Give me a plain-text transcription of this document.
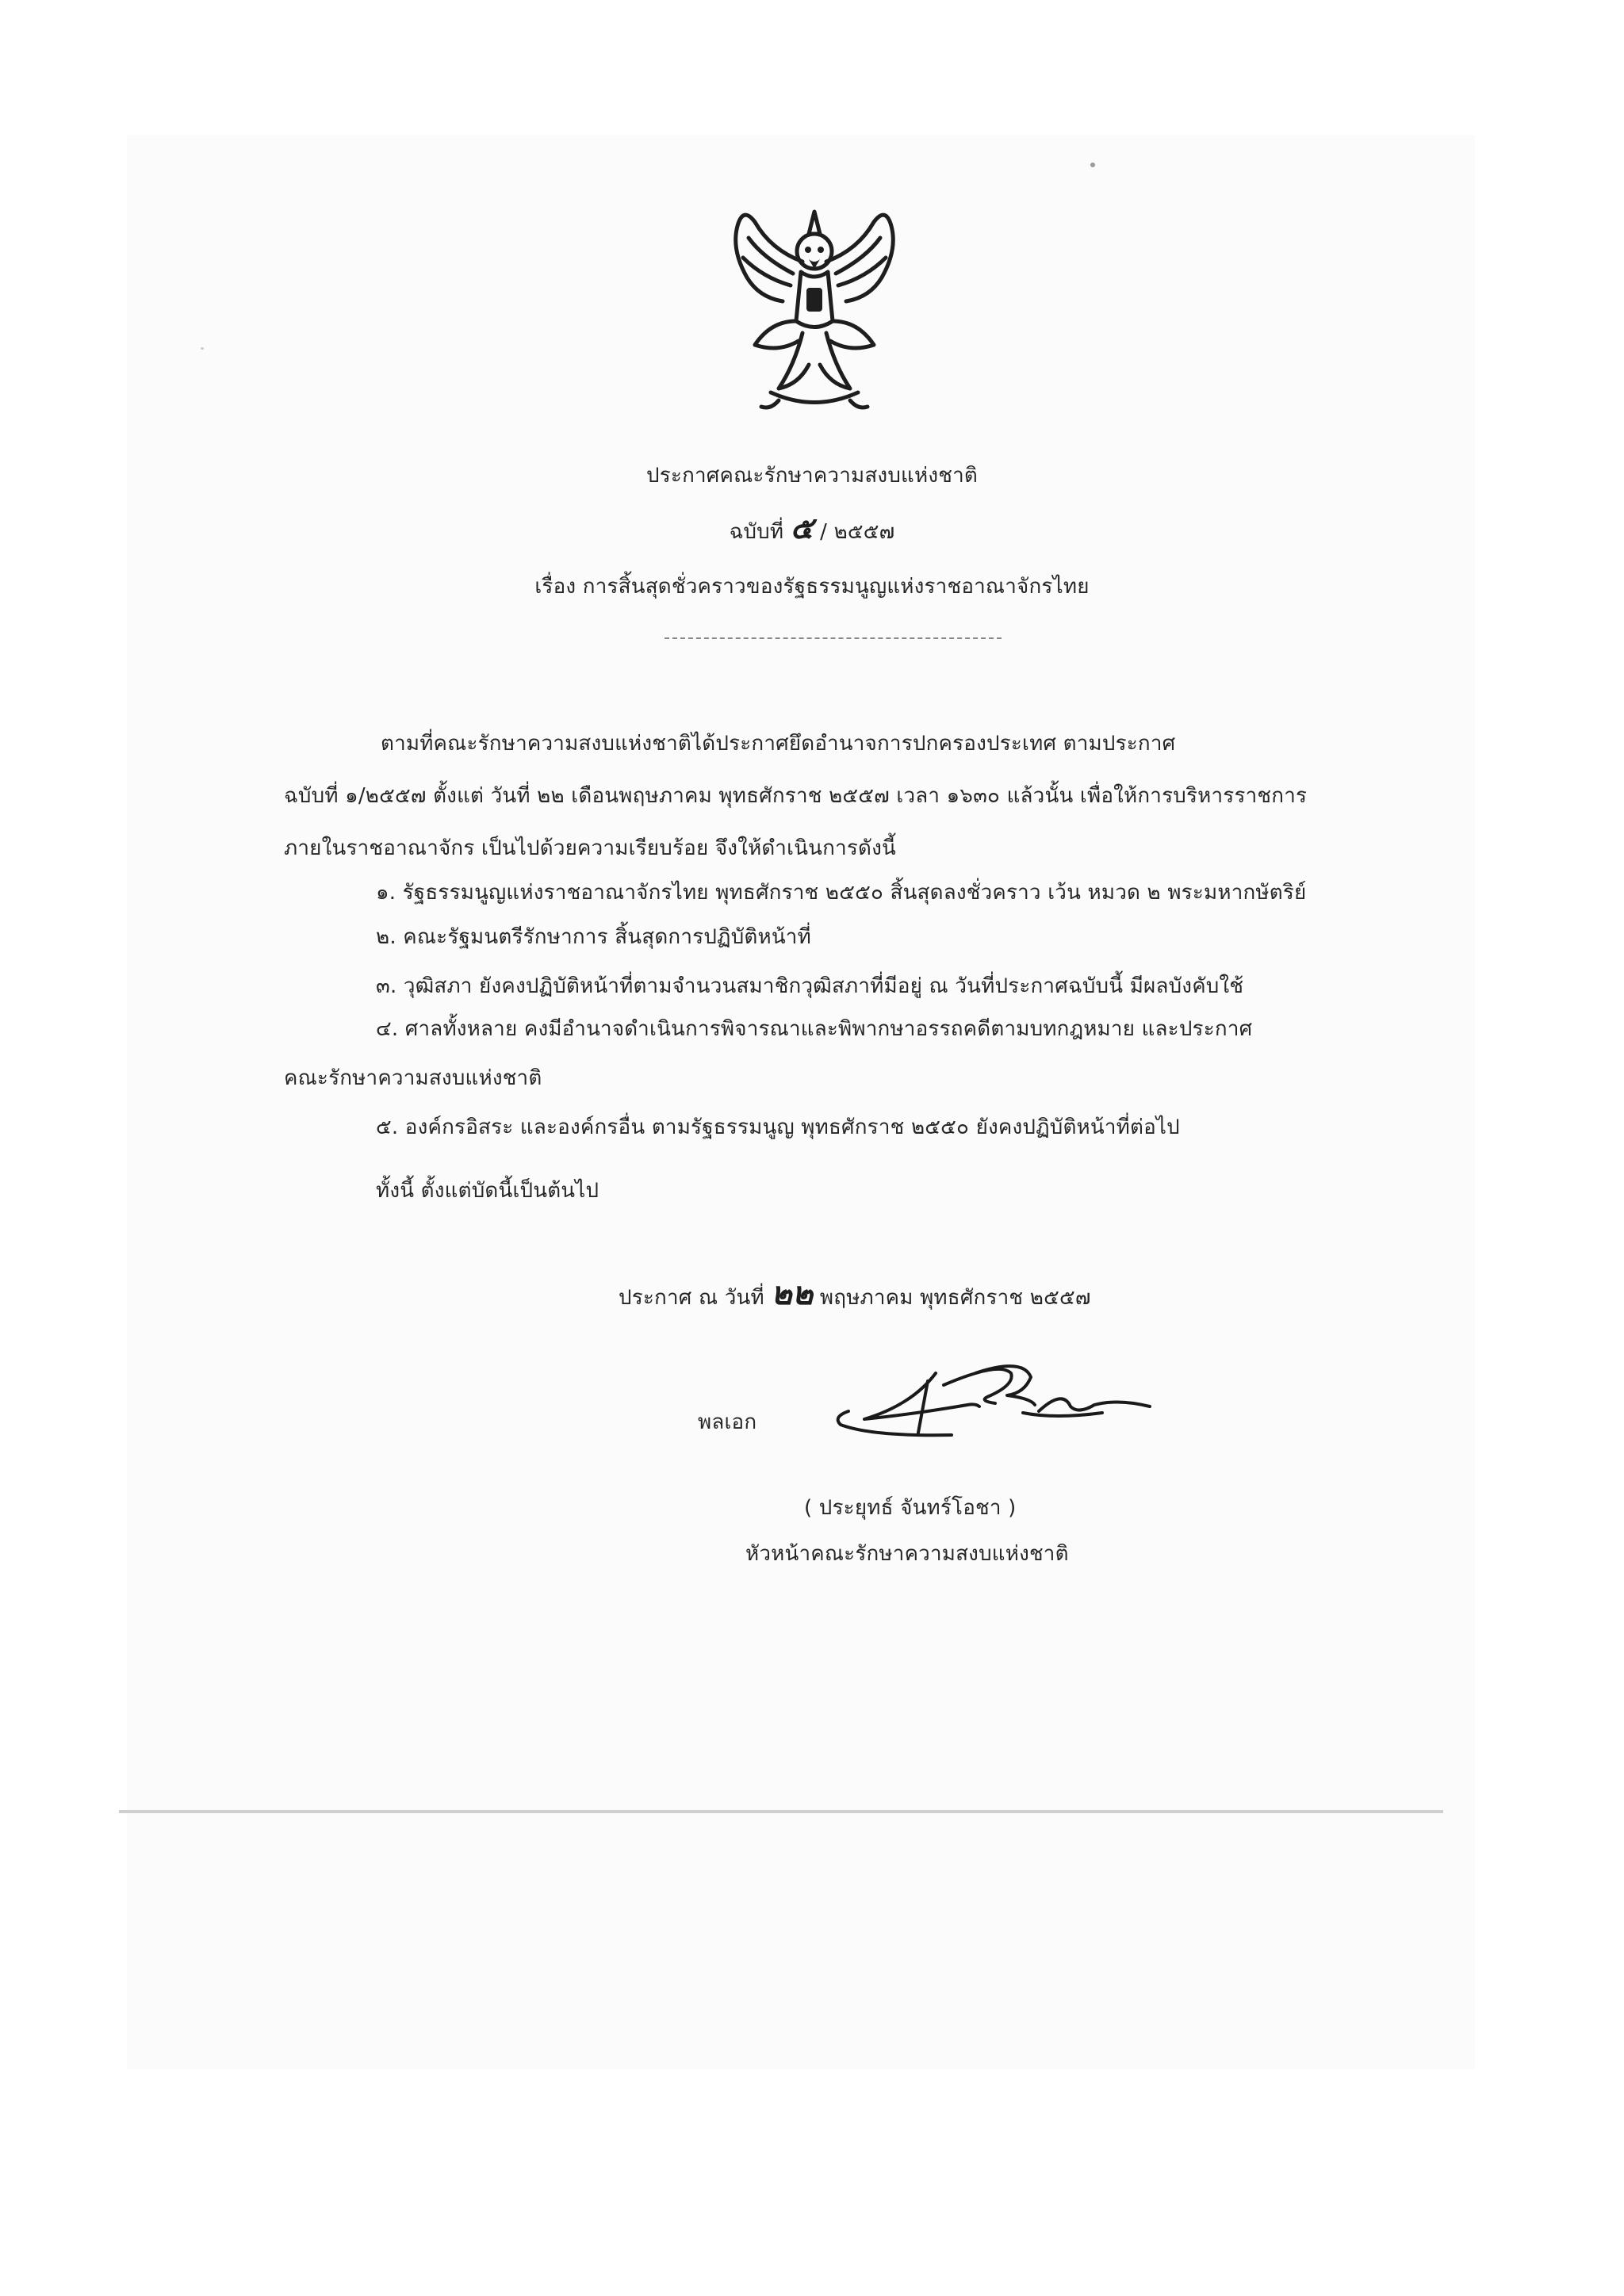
ประกาศคณะรักษาความสงบแห่งชาติ
ฉบับที่ ๕ / ๒๕๕๗
เรื่อง การสิ้นสุดชั่วคราวของรัฐธรรมนูญแห่งราชอาณาจักรไทย
ตามที่คณะรักษาความสงบแห่งชาติได้ประกาศยึดอำนาจการปกครองประเทศ ตามประกาศ
ฉบับที่ ๑/๒๕๕๗ ตั้งแต่ วันที่ ๒๒ เดือนพฤษภาคม พุทธศักราช ๒๕๕๗ เวลา ๑๖๓๐ แล้วนั้น เพื่อให้การบริหารราชการ
ภายในราชอาณาจักร เป็นไปด้วยความเรียบร้อย จึงให้ดำเนินการดังนี้
๑. รัฐธรรมนูญแห่งราชอาณาจักรไทย พุทธศักราช ๒๕๕๐ สิ้นสุดลงชั่วคราว เว้น หมวด ๒ พระมหากษัตริย์
๒. คณะรัฐมนตรีรักษาการ สิ้นสุดการปฏิบัติหน้าที่
๓. วุฒิสภา ยังคงปฏิบัติหน้าที่ตามจำนวนสมาชิกวุฒิสภาที่มีอยู่ ณ วันที่ประกาศฉบับนี้ มีผลบังคับใช้
๔. ศาลทั้งหลาย คงมีอำนาจดำเนินการพิจารณาและพิพากษาอรรถคดีตามบทกฎหมาย และประกาศ
คณะรักษาความสงบแห่งชาติ
๕. องค์กรอิสระ และองค์กรอื่น ตามรัฐธรรมนูญ พุทธศักราช ๒๕๕๐ ยังคงปฏิบัติหน้าที่ต่อไป
ทั้งนี้ ตั้งแต่บัดนี้เป็นต้นไป
ประกาศ ณ วันที่ ๒๒ พฤษภาคม พุทธศักราช ๒๕๕๗
พลเอก
( ประยุทธ์ จันทร์โอชา )
หัวหน้าคณะรักษาความสงบแห่งชาติ
